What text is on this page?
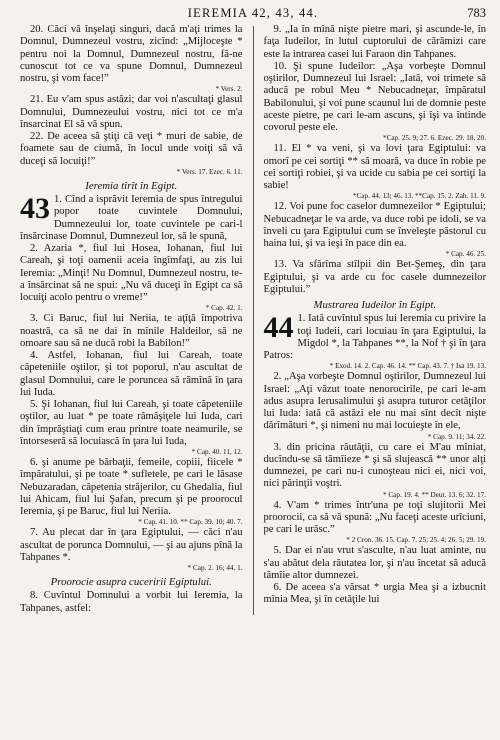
IEREMIA 42, 43, 44.	783

20. Căci vă înşelaţi singuri, dacă m'aţi trimes la Domnul, Dumnezeul vostru, zicînd: „Mijloceşte * pentru noi la Domnul, Dumnezeul nostru, fă-ne cunoscut tot ce va spune Domnul, Dumnezeul nostru, şi vom face!”
* Vers. 2.

21. Eu v'am spus astăzi; dar voi n'ascultaţi glasul Domnului, Dumnezeului vostru, nici tot ce m'a însarcinat El să vă spun.

22. De aceea să ştiţi că veţi * muri de sabie, de foamete sau de ciumă, în locul unde voiţi să vă duceţi să locuiţi!”
* Vers. 17. Ezec. 6. 11.

Ieremia tîrît în Egipt.
43 1. Cînd a isprăvit Ieremia de spus întregului popor toate cuvintele Domnului, Dumnezeului lor, toate cuvintele pe cari-l însărcinase Domnul, Dumnezeul lor, să le spună,

2. Azaria *, fiul lui Hosea, Iohanan, fiul lui Careah, şi toţi oamenii aceia îngîmfaţi, au zis lui Ieremia: „Minţi! Nu Domnul, Dumnezeul nostru, te-a însărcinat să ne spui: „Nu vă duceţi în Egipt ca să locuiţi acolo pentru o vreme!”
* Cap. 42. 1.

3. Ci Baruc, fiul lui Neriia, te aţîţă împotriva noastră, ca să ne dai în mînile Haldeilor, să ne omoare sau să ne ducă robi la Babilon!”

4. Astfel, Iohanan, fiul lui Careah, toate căpeteniile oştilor, şi tot poporul, n'au ascultat de glasul Domnului, care le poruncea să rămînă în ţara lui Iuda.

5. Şi Iohanan, fiul lui Careah, şi toate căpeteniile oştilor, au luat * pe toate rămăşiţele lui Iuda, cari din împrăştiaţi cum erau printre toate neamurile, se întorseseră să locuiască în ţara lui Iuda,
* Cap. 40. 11, 12.

6. şi anume pe bărbaţii, femeile, copiii, fiicele * împăratului, şi pe toate * sufletele, pe cari le lăsase Nebuzaradan, căpetenia străjerilor, cu Ghedalia, fiul lui Ahicam, fiul lui Şafan, precum şi pe proorocul Ieremia, şi pe Baruc, fiul lui Neriia.
* Cap. 41. 10. ** Cap. 39. 10; 40. 7.

7. Au plecat dar în ţara Egiptului, — căci n'au ascultat de porunca Domnului, — şi au ajuns pînă la Tahpanes *.
* Cap. 2. 16; 44. 1.

Proorocie asupra cuceririi Egiptului.

8. Cuvîntul Domnului a vorbit lui Ieremia, la Tahpanes, astfel:

9. „Ia în mînă nişte pietre mari, şi ascunde-le, în faţa Iudeilor, în lutul cuptorului de cărămizi care este la intrarea casei lui Faraon din Tahpanes.

10. Şi spune Iudeilor: „Aşa vorbeşte Domnul oştirilor, Dumnezeul lui Israel: „Iată, voi trimete să aducă pe robul Meu * Nebucadneţar, împăratul Babilonului, şi voi pune scaunul lui de domnie peste aceste pietre, pe cari le-am ascuns, şi îşi va întinde covorul peste ele.
*Cap. 25. 9; 27. 6. Ezec. 29. 18, 20.

11. El * va veni, şi va lovi ţara Egiptului: va omorî pe cei sortiţi ** să moară, va duce în robie pe cei sortiţi robiei, şi va ucide cu sabia pe cei sortiţi la sabie!
*Cap. 44. 13; 46. 13. **Cap. 15. 2. Zah. 11. 9.

12. Voi pune foc caselor dumnezeilor * Egiptului; Nebucadneţar le va arde, va duce robi pe idoli, se va înveli cu ţara Egiptului cum se înveleşte păstorul cu haina lui, şi va ieşi în pace din ea.
* Cap. 46. 25.

13. Va sfărîma stîlpii din Bet-Şemeş, din ţara Egiptului, şi va arde cu foc casele dumnezeilor Egiptului.”

Mustrarea Iudeilor în Egipt.
44 1. Iată cuvîntul spus lui Ieremia cu privire la toţi Iudeii, cari locuiau în ţara Egiptului, la Migdol *, la Tahpanes **, la Nof † şi în ţara Patros:
* Exod. 14. 2. Cap. 46. 14. ** Cap. 43. 7. † Isa 19. 13.

2. „Aşa vorbeşte Domnul oştirilor, Dumnezeul lui Israel: „Aţi văzut toate nenorocirile, pe cari le-am adus asupra Ierusalimului şi asupra tuturor cetăţilor lui Iuda: iată că astăzi ele nu mai sînt decît nişte dărîmături *, şi nimeni nu mai locuieşte în ele,
* Cap. 9. 11; 34. 22.

3. din pricina răutăţii, cu care ei M'au mîniat, ducîndu-se să tămîieze * şi să slujească ** unor alţi dumnezei, pe cari nu-i cunoşteau nici ei, nici voi, nici părinţii voştri.
* Cap. 19. 4. ** Deut. 13. 6; 32. 17.

4. V'am * trimes într'una pe toţi slujitorii Mei proorocii, ca să vă spună: „Nu faceţi aceste urîciuni, pe cari le urăsc.”
* 2 Cron. 36. 15. Cap. 7. 25; 25. 4; 26. 5; 29. 19.

5. Dar ei n'au vrut s'asculte, n'au luat aminte, nu s'au abătut dela răutatea lor, şi n'au încetat să aducă tămîie altor dumnezei.

6. De aceea s'a vărsat * urgia Mea şi a izbucnit mînia Mea, şi în cetăţile lui
